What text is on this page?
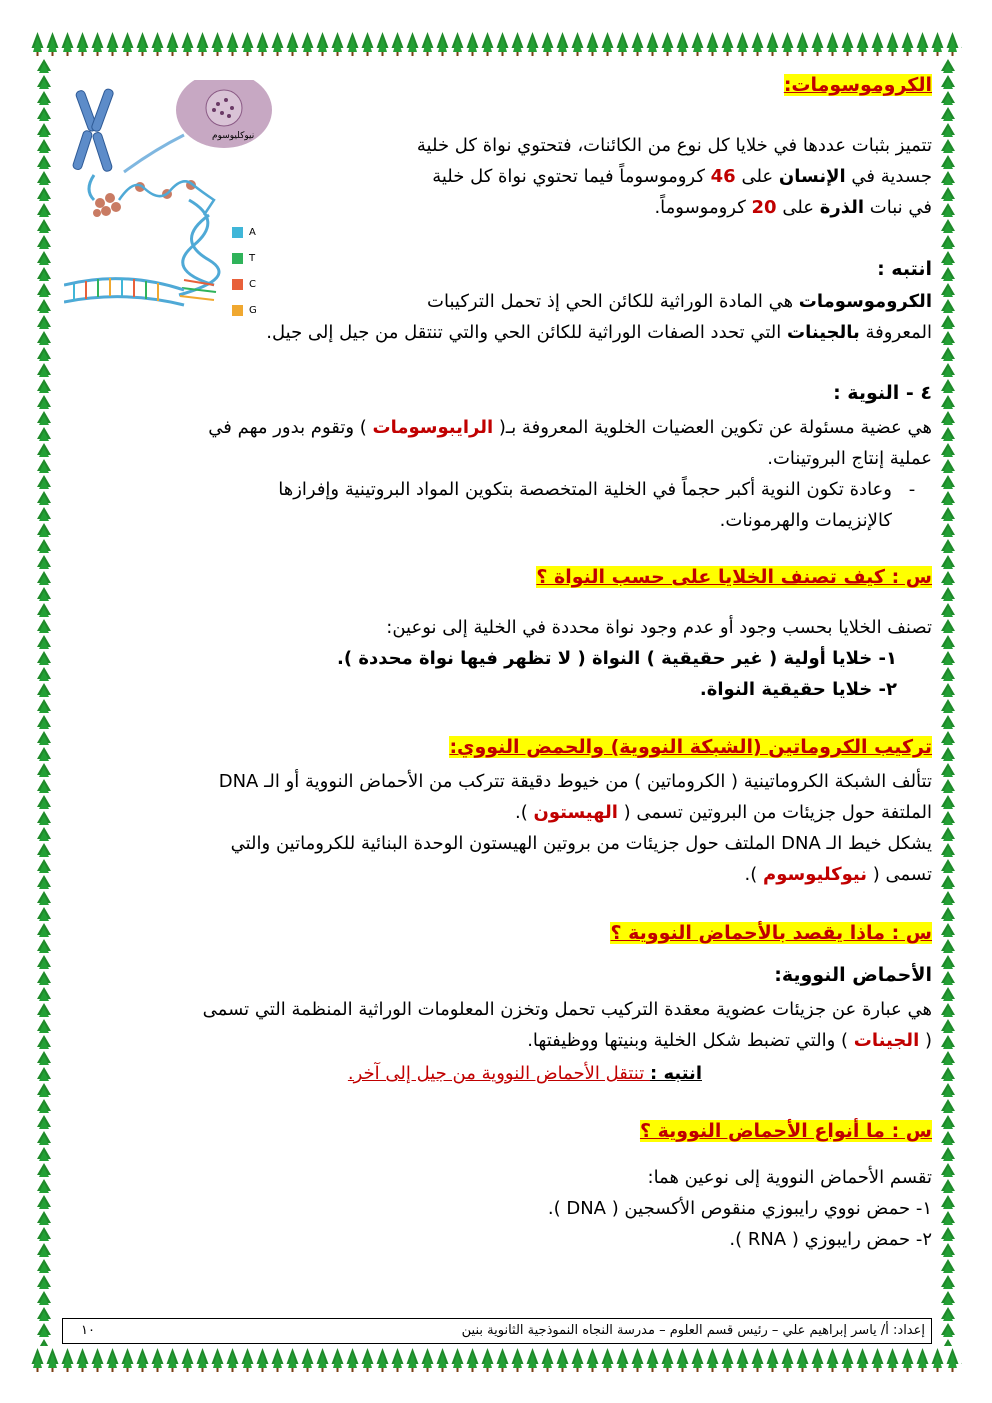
نيوكليوسوم
A
T
C
G
الكروموسومات:
تتميز بثبات عددها في خلايا كل نوع من الكائنات، فتحتوي نواة كل خلية
جسدية في الإنسان على 46 كروموسوماً فيما تحتوي نواة كل خلية
في نبات الذرة على 20 كروموسوماً.
انتبه :
الكروموسومات هي المادة الوراثية للكائن الحي إذ تحمل التركيبات
المعروفة بالجينات التي تحدد الصفات الوراثية للكائن الحي والتي تنتقل من جيل إلى جيل.
٤ - النوية :
هي عضية مسئولة عن تكوين العضيات الخلوية المعروفة بـ( الرايبوسومات ) وتقوم بدور مهم في
عملية إنتاج البروتينات.
-وعادة تكون النوية أكبر حجماً في الخلية المتخصصة بتكوين المواد البروتينية وإفرازها
كالإنزيمات والهرمونات.
س : كيف تصنف الخلايا على حسب النواة ؟
تصنف الخلايا بحسب وجود أو عدم وجود نواة محددة في الخلية إلى نوعين:
١- خلايا أولية ( غير حقيقية ) النواة ( لا تظهر فيها نواة محددة ).
٢- خلايا حقيقية النواة.
تركيب الكروماتين (الشبكة النووية) والحمض النووي:
تتألف الشبكة الكروماتينية ( الكروماتين ) من خيوط دقيقة تتركب من الأحماض النووية أو الـ DNA
الملتفة حول جزيئات من البروتين تسمى ( الهيستون ).
يشكل خيط الـ DNA الملتف حول جزيئات من بروتين الهيستون الوحدة البنائية للكروماتين والتي
تسمى ( نيوكليوسوم ).
س : ماذا يقصد بالأحماض النووية ؟
الأحماض النووية:
هي عبارة عن جزيئات عضوية معقدة التركيب تحمل وتخزن المعلومات الوراثية المنظمة التي تسمى
( الجينات ) والتي تضبط شكل الخلية وبنيتها ووظيفتها.
انتبه : تنتقل الأحماض النووية من جيل إلى آخر.
س : ما أنواع الأحماض النووية ؟
تقسم الأحماض النووية إلى نوعين هما:
١- حمض نووي رايبوزي منقوص الأكسجين ( DNA ).
٢- حمض رايبوزي ( RNA ).
إعداد: أ/ ياسر إبراهيم علي – رئيس قسم العلوم – مدرسة النجاه النموذجية الثانوية بنين
١٠
